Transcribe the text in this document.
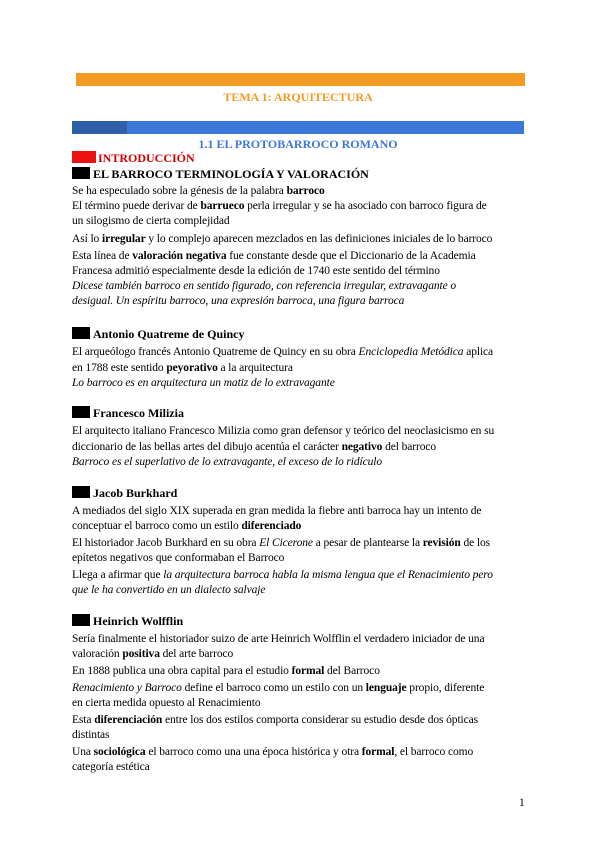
TEMA 1: ARQUITECTURA
1.1 EL PROTOBARROCO ROMANO
INTRODUCCIÓN
EL BARROCO TERMINOLOGÍA Y VALORACIÓN
Se ha especulado sobre la génesis de la palabra barroco
El término puede derivar de barrueco perla irregular y se ha asociado con barroco figura de
un silogismo de cierta complejidad
Así lo irregular y lo complejo aparecen mezclados en las definiciones iniciales de lo barroco
Esta línea de valoración negativa fue constante desde que el Diccionario de la Academia
Francesa admitió especialmente desde la edición de 1740 este sentido del término
Dicese también barroco en sentido figurado, con referencia irregular, extravagante o
desigual. Un espíritu barroco, una expresión barroca, una figura barroca
Antonio Quatreme de Quincy
El arqueólogo francés Antonio Quatreme de Quincy en su obra Enciclopedia Metódica aplica
en 1788 este sentido peyorativo a la arquitectura
Lo barroco es en arquitectura un matiz de lo extravagante
Francesco Milizia
El arquitecto italiano Francesco Milizia como gran defensor y teórico del neoclasicismo en su
diccionario de las bellas artes del dibujo acentúa el carácter negativo del barroco
Barroco es el superlativo de lo extravagante, el exceso de lo ridículo
Jacob Burkhard
A mediados del siglo XIX superada en gran medida la fiebre anti barroca hay un intento de
conceptuar el barroco como un estilo diferenciado
El historiador Jacob Burkhard en su obra El Cicerone a pesar de plantearse la revisión de los
epítetos negativos que conformaban el Barroco
Llega a afirmar que la arquitectura barroca habla la misma lengua que el Renacimiento pero
que le ha convertido en un dialecto salvaje
Heinrich Wolfflin
Sería finalmente el historiador suizo de arte Heinrich Wolfflin el verdadero iniciador de una
valoración positiva del arte barroco
En 1888 publica una obra capital para el estudio formal del Barroco
Renacimiento y Barroco define el barroco como un estilo con un lenguaje propio, diferente
en cierta medida opuesto al Renacimiento
Esta diferenciación entre los dos estilos comporta considerar su estudio desde dos ópticas
distintas
Una sociológica el barroco como una una época histórica y otra formal, el barroco como
categoría estética
1
